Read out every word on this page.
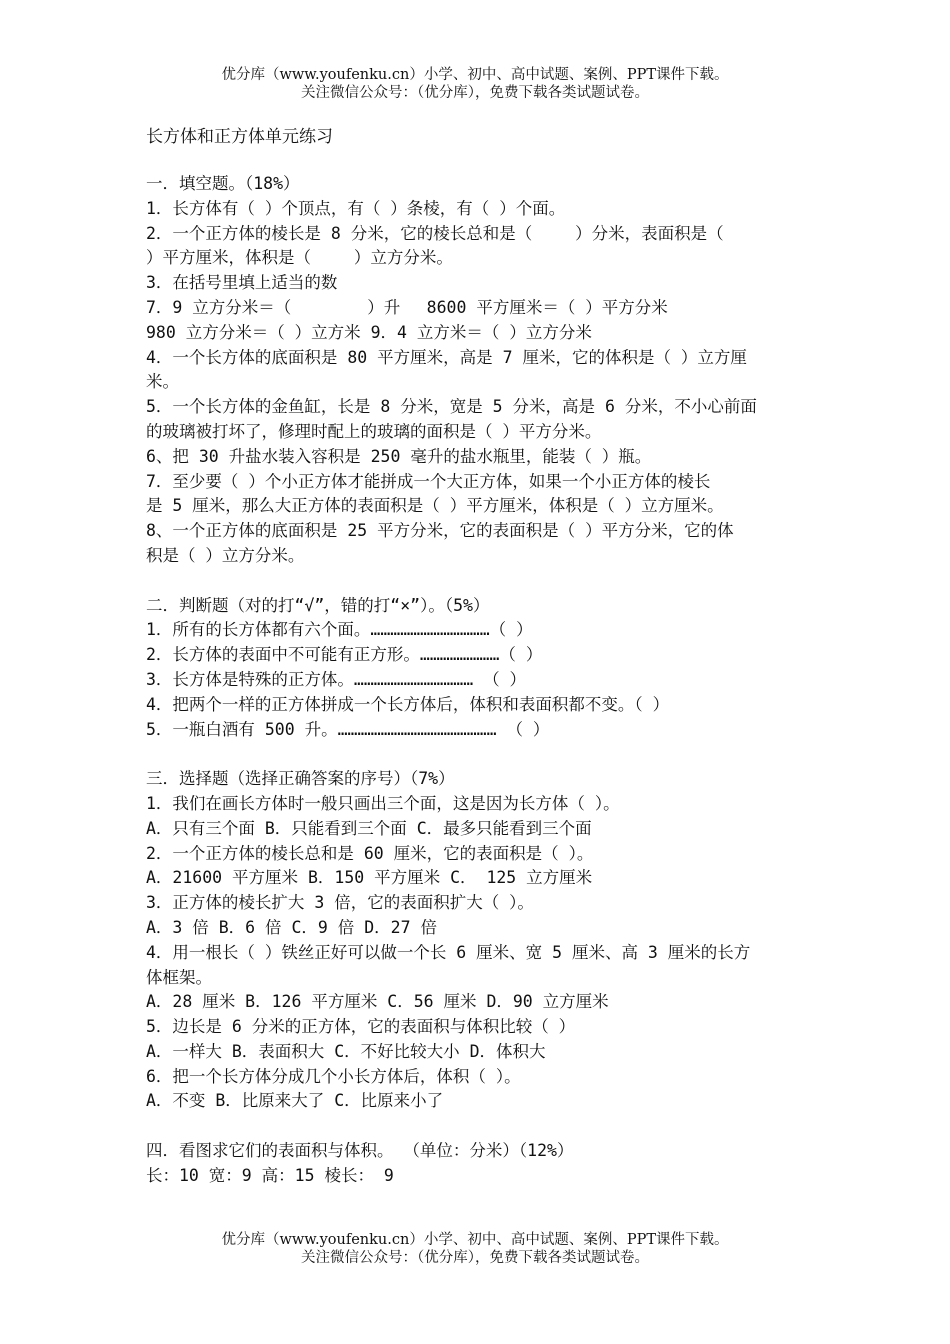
优分库（www.youfenku.cn）小学、初中、高中试题、案例、PPT课件下载。
关注微信公众号：（优分库），免费下载各类试题试卷。
长方体和正方体单元练习
一．填空题。（18%）
1．长方体有（ ）个顶点，有（ ）条棱，有（ ）个面。
2．一个正方体的棱长是 8 分米，它的棱长总和是（　　 ）分米，表面积是（
）平方厘米，体积是（　　 ）立方分米。
3．在括号里填上适当的数
7．9 立方分米＝（　　　　 ）升　 8600 平方厘米＝（ ）平方分米
980 立方分米＝（ ）立方米 9．4 立方米＝（ ）立方分米
4．一个长方体的底面积是 80 平方厘米，高是 7 厘米，它的体积是（ ）立方厘
米。
5．一个长方体的金鱼缸，长是 8 分米，宽是 5 分米，高是 6 分米，不小心前面
的玻璃被打坏了，修理时配上的玻璃的面积是（ ）平方分米。
6、把 30 升盐水装入容积是 250 毫升的盐水瓶里，能装（ ）瓶。
7．至少要（ ）个小正方体才能拼成一个大正方体，如果一个小正方体的棱长
是 5 厘米，那么大正方体的表面积是（ ）平方厘米，体积是（ ）立方厘米。
8、一个正方体的底面积是 25 平方分米，它的表面积是（ ）平方分米，它的体
积是（ ）立方分米。
二．判断题（对的打“√”，错的打“×”）。（5%）
1．所有的长方体都有六个面。………………………………（ ）
2．长方体的表面中不可能有正方形。……………………（ ）
3．长方体是特殊的正方体。……………………………… （ ）
4．把两个一样的正方体拼成一个长方体后，体积和表面积都不变。（ ）
5．一瓶白酒有 500 升。………………………………………… （ ）
三．选择题（选择正确答案的序号）（7%）
1．我们在画长方体时一般只画出三个面，这是因为长方体（ ）。
A．只有三个面 B．只能看到三个面 C．最多只能看到三个面
2．一个正方体的棱长总和是 60 厘米，它的表面积是（ ）。
A．21600 平方厘米 B．150 平方厘米 C． 125 立方厘米
3．正方体的棱长扩大 3 倍，它的表面积扩大（ ）。
A．3 倍 B．6 倍 C．9 倍 D．27 倍
4．用一根长（ ）铁丝正好可以做一个长 6 厘米、宽 5 厘米、高 3 厘米的长方
体框架。
A．28 厘米 B．126 平方厘米 C．56 厘米 D．90 立方厘米
5．边长是 6 分米的正方体，它的表面积与体积比较（ ）
A．一样大 B．表面积大 C．不好比较大小 D．体积大
6．把一个长方体分成几个小长方体后，体积（ ）。
A．不变 B．比原来大了 C．比原来小了
四．看图求它们的表面积与体积。 （单位：分米）（12%）
长：10 宽：9 高：15 棱长： 9
优分库（www.youfenku.cn）小学、初中、高中试题、案例、PPT课件下载。
关注微信公众号：（优分库），免费下载各类试题试卷。
